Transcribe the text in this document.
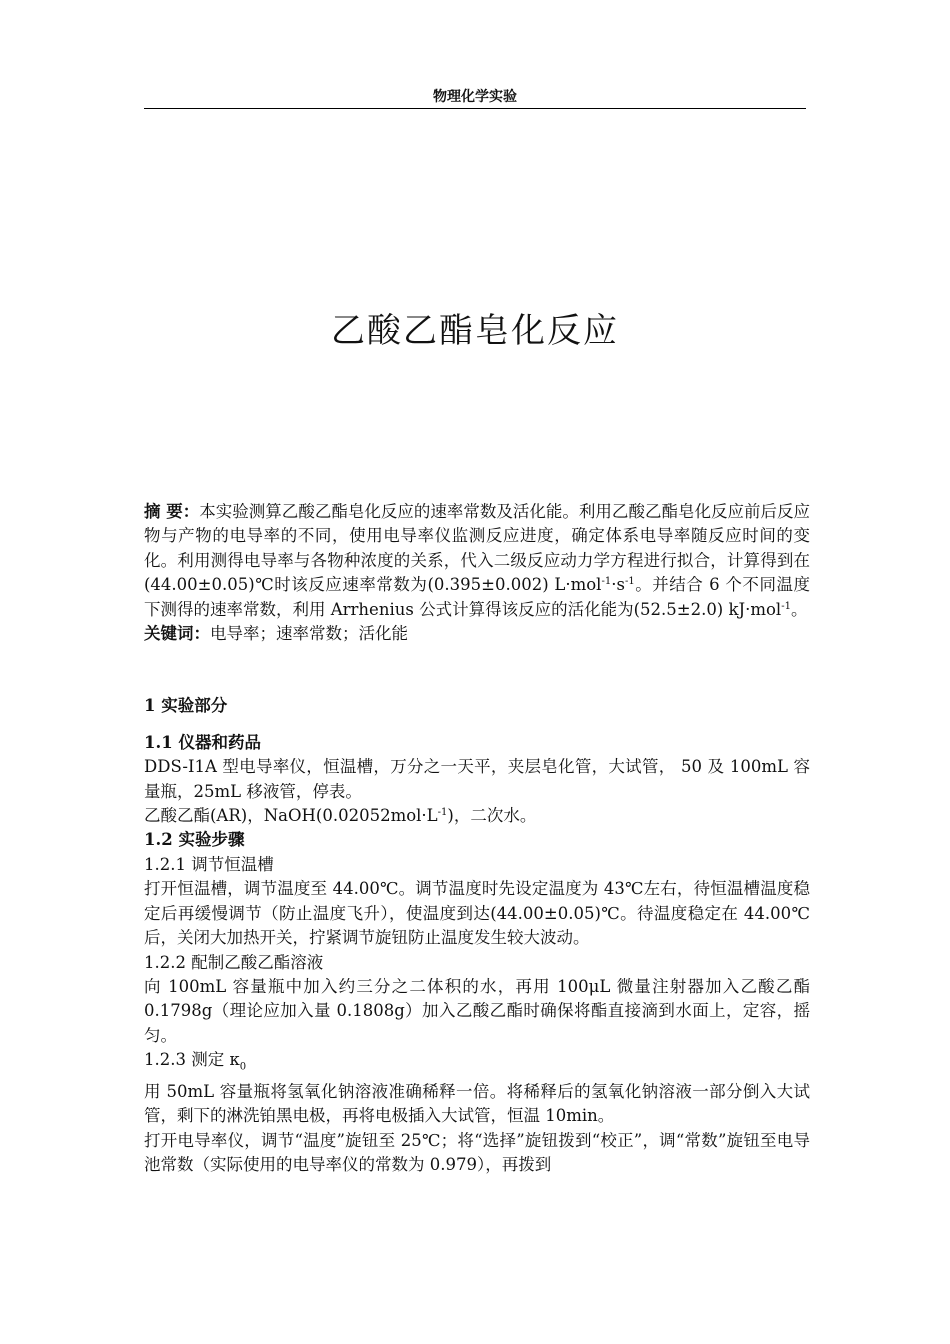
物理化学实验
乙酸乙酯皂化反应

摘 要：本实验测算乙酸乙酯皂化反应的速率常数及活化能。利用乙酸乙酯皂化反应前后反应物与产物的电导率的不同，使用电导率仪监测反应进度，确定体系电导率随反应时间的变化。利用测得电导率与各物种浓度的关系，代入二级反应动力学方程进行拟合，计算得到在(44.00±0.05)℃时该反应速率常数为(0.395±0.002) $L\cdot mol^{-1}\cdot s^{-1}$。并结合 6 个不同温度下测得的速率常数，利用 Arrhenius 公式计算得该反应的活化能为(52.5±2.0) kJ·mol$^{-1}$。

关键词：电导率；速率常数；活化能

1 实验部分

1.1 仪器和药品

DDS-I1A 型电导率仪，恒温槽，万分之一天平，夹层皂化管，大试管， 50 及 100mL 容量瓶，25mL 移液管，停表。

乙酸乙酯(AR)，$NaOH(0.02052mol\cdot L^{-1})$，二次水。

1.2 实验步骤

1.2.1 调节恒温槽

打开恒温槽，调节温度至 44.00℃。调节温度时先设定温度为 43℃左右，待恒温槽温度稳定后再缓慢调节（防止温度飞升），使温度到达(44.00±0.05)℃。待温度稳定在 44.00℃后，关闭大加热开关，拧紧调节旋钮防止温度发生较大波动。

1.2.2 配制乙酸乙酯溶液

向 100mL 容量瓶中加入约三分之二体积的水，再用 100μL 微量注射器加入乙酸乙酯 0.1798g（理论应加入量 0.1808g）加入乙酸乙酯时确保将酯直接滴到水面上，定容，摇匀。

1.2.3 测定 $\kappa_0$

用 50mL 容量瓶将氢氧化钠溶液准确稀释一倍。将稀释后的氢氧化钠溶液一部分倒入大试管，剩下的淋洗铂黑电极，再将电极插入大试管，恒温 10min。

打开电导率仪，调节“温度”旋钮至 25℃；将“选择”旋钮拨到“校正”，调“常数”旋钮至电导池常数（实际使用的电导率仪的常数为 0.979），再拨到
